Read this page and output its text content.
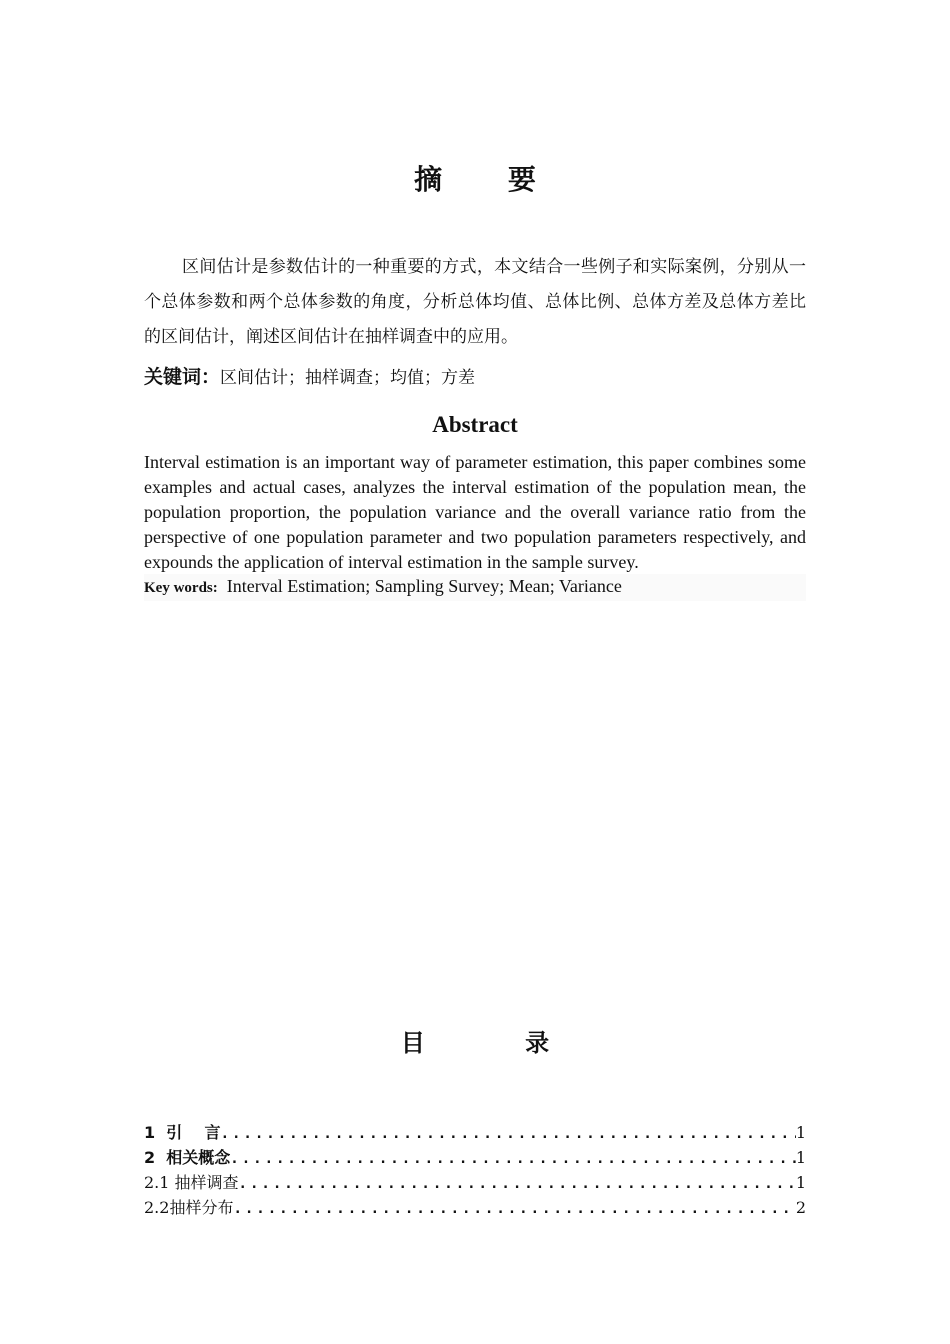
摘 要
区间估计是参数估计的一种重要的方式，本文结合一些例子和实际案例，分别从一个总体参数和两个总体参数的角度，分析总体均值、总体比例、总体方差及总体方差比的区间估计，阐述区间估计在抽样调查中的应用。
关键词：区间估计；抽样调查；均值；方差
Abstract
Interval estimation is an important way of parameter estimation, this paper combines some examples and actual cases, analyzes the interval estimation of the population mean, the population proportion, the population variance and the overall variance ratio from the perspective of one population parameter and two population parameters respectively, and expounds the application of interval estimation in the sample survey.
Key words: Interval Estimation; Sampling Survey; Mean; Variance
目 录
1  引    言 .....	1
2  相关概念 .....	1
2.1 抽样调查 .....	1
2.2抽样分布 .....	2
